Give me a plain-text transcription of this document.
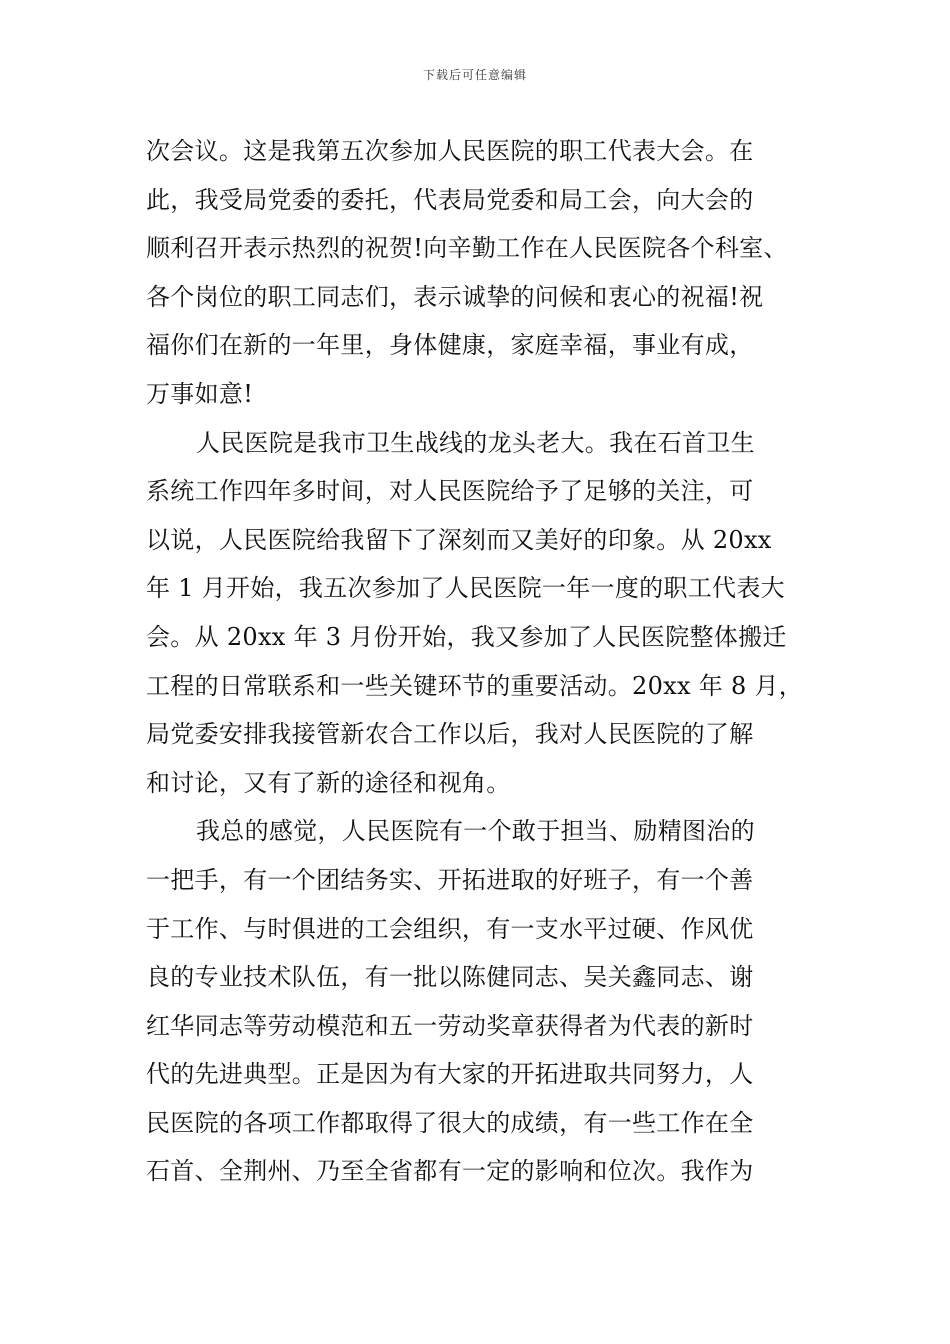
下载后可任意编辑
次会议。这是我第五次参加人民医院的职工代表大会。在
此，我受局党委的委托，代表局党委和局工会，向大会的
顺利召开表示热烈的祝贺!向辛勤工作在人民医院各个科室、
各个岗位的职工同志们，表示诚挚的问候和衷心的祝福!祝
福你们在新的一年里，身体健康，家庭幸福，事业有成，
万事如意!
人民医院是我市卫生战线的龙头老大。我在石首卫生
系统工作四年多时间，对人民医院给予了足够的关注，可
以说，人民医院给我留下了深刻而又美好的印象。从 20xx
年 1 月开始，我五次参加了人民医院一年一度的职工代表大
会。从 20xx 年 3 月份开始，我又参加了人民医院整体搬迁
工程的日常联系和一些关键环节的重要活动。20xx 年 8 月，
局党委安排我接管新农合工作以后，我对人民医院的了解
和讨论，又有了新的途径和视角。
我总的感觉，人民医院有一个敢于担当、励精图治的
一把手，有一个团结务实、开拓进取的好班子，有一个善
于工作、与时俱进的工会组织，有一支水平过硬、作风优
良的专业技术队伍，有一批以陈健同志、吴关鑫同志、谢
红华同志等劳动模范和五一劳动奖章获得者为代表的新时
代的先进典型。正是因为有大家的开拓进取共同努力，人
民医院的各项工作都取得了很大的成绩，有一些工作在全
石首、全荆州、乃至全省都有一定的影响和位次。我作为
